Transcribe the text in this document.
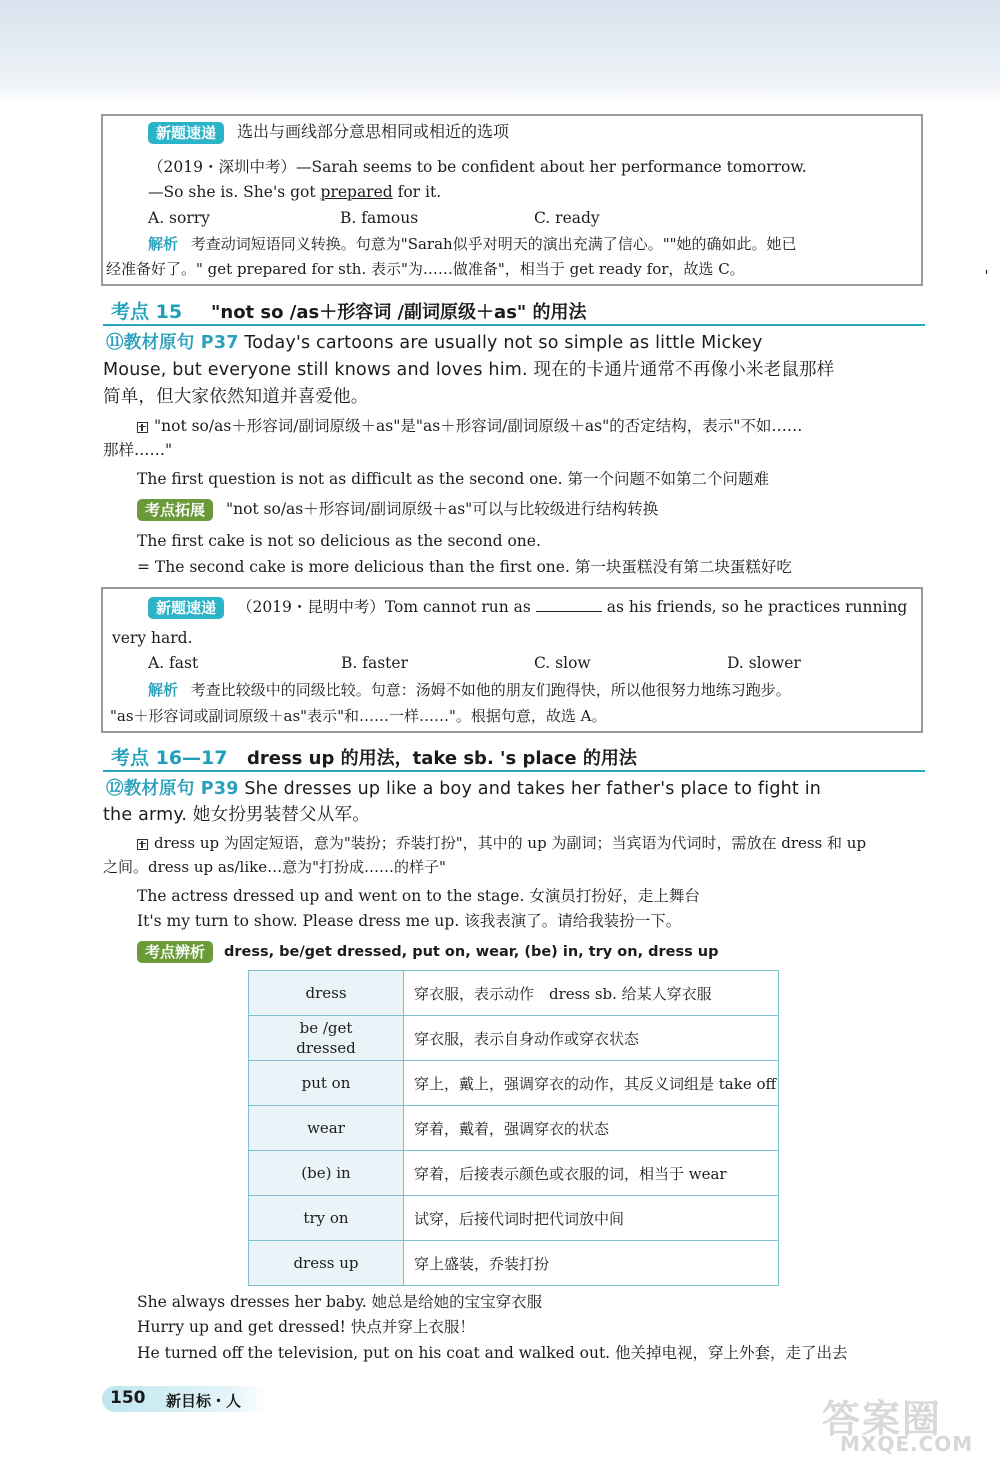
ˌ
新题速递 选出与画线部分意思相同或相近的选项
（2019・深圳中考）—Sarah seems to be confident about her performance tomorrow.
—So she is. She's got prepared for it.
A. sorry	B. famous	C. ready
解析 考查动词短语同义转换。句意为"Sarah似乎对明天的演出充满了信心。""她的确如此。她已
经准备好了。" get prepared for sth. 表示"为……做准备"，相当于 get ready for，故选 C。
考点 15 "not so /as＋形容词 /副词原级＋as" 的用法
⑪教材原句 P37 Today's cartoons are usually not so simple as little Mickey
Mouse, but everyone still knows and loves him. 现在的卡通片通常不再像小米老鼠那样
简单，但大家依然知道并喜爱他。
"not so/as＋形容词/副词原级＋as"是"as＋形容词/副词原级＋as"的否定结构，表示"不如……
那样……"
The first question is not as difficult as the second one. 第一个问题不如第二个问题难
考点拓展 "not so/as＋形容词/副词原级＋as"可以与比较级进行结构转换
The first cake is not so delicious as the second one.
= The second cake is more delicious than the first one. 第一块蛋糕没有第二块蛋糕好吃
新题速递 （2019・昆明中考）Tom cannot run as	as his friends, so he practices running
very hard.
A. fast	B. faster	C. slow	D. slower
解析 考查比较级中的同级比较。句意：汤姆不如他的朋友们跑得快，所以他很努力地练习跑步。
"as＋形容词或副词原级＋as"表示"和……一样……"。根据句意，故选 A。
考点 16—17 dress up 的用法，take sb. 's place 的用法
⑫教材原句 P39 She dresses up like a boy and takes her father's place to fight in
the army. 她女扮男装替父从军。
dress up 为固定短语，意为"装扮；乔装打扮"，其中的 up 为副词；当宾语为代词时，需放在 dress 和 up
之间。dress up as/like…意为"打扮成……的样子"
The actress dressed up and went on to the stage. 女演员打扮好，走上舞台
It's my turn to show. Please dress me up. 该我表演了。请给我装扮一下。
考点辨析 dress, be/get dressed, put on, wear, (be) in, try on, dress up
dress	穿衣服，表示动作　dress sb. 给某人穿衣服
be /get dressed	穿衣服，表示自身动作或穿衣状态
put on	穿上，戴上，强调穿衣的动作，其反义词组是 take off
wear	穿着，戴着，强调穿衣的状态
(be) in	穿着，后接表示颜色或衣服的词，相当于 wear
try on	试穿，后接代词时把代词放中间
dress up	穿上盛装，乔装打扮
She always dresses her baby. 她总是给她的宝宝穿衣服
Hurry up and get dressed! 快点并穿上衣服！
He turned off the television, put on his coat and walked out. 他关掉电视，穿上外套，走了出去
150 新目标・人	答案圈
MXQE.COM
